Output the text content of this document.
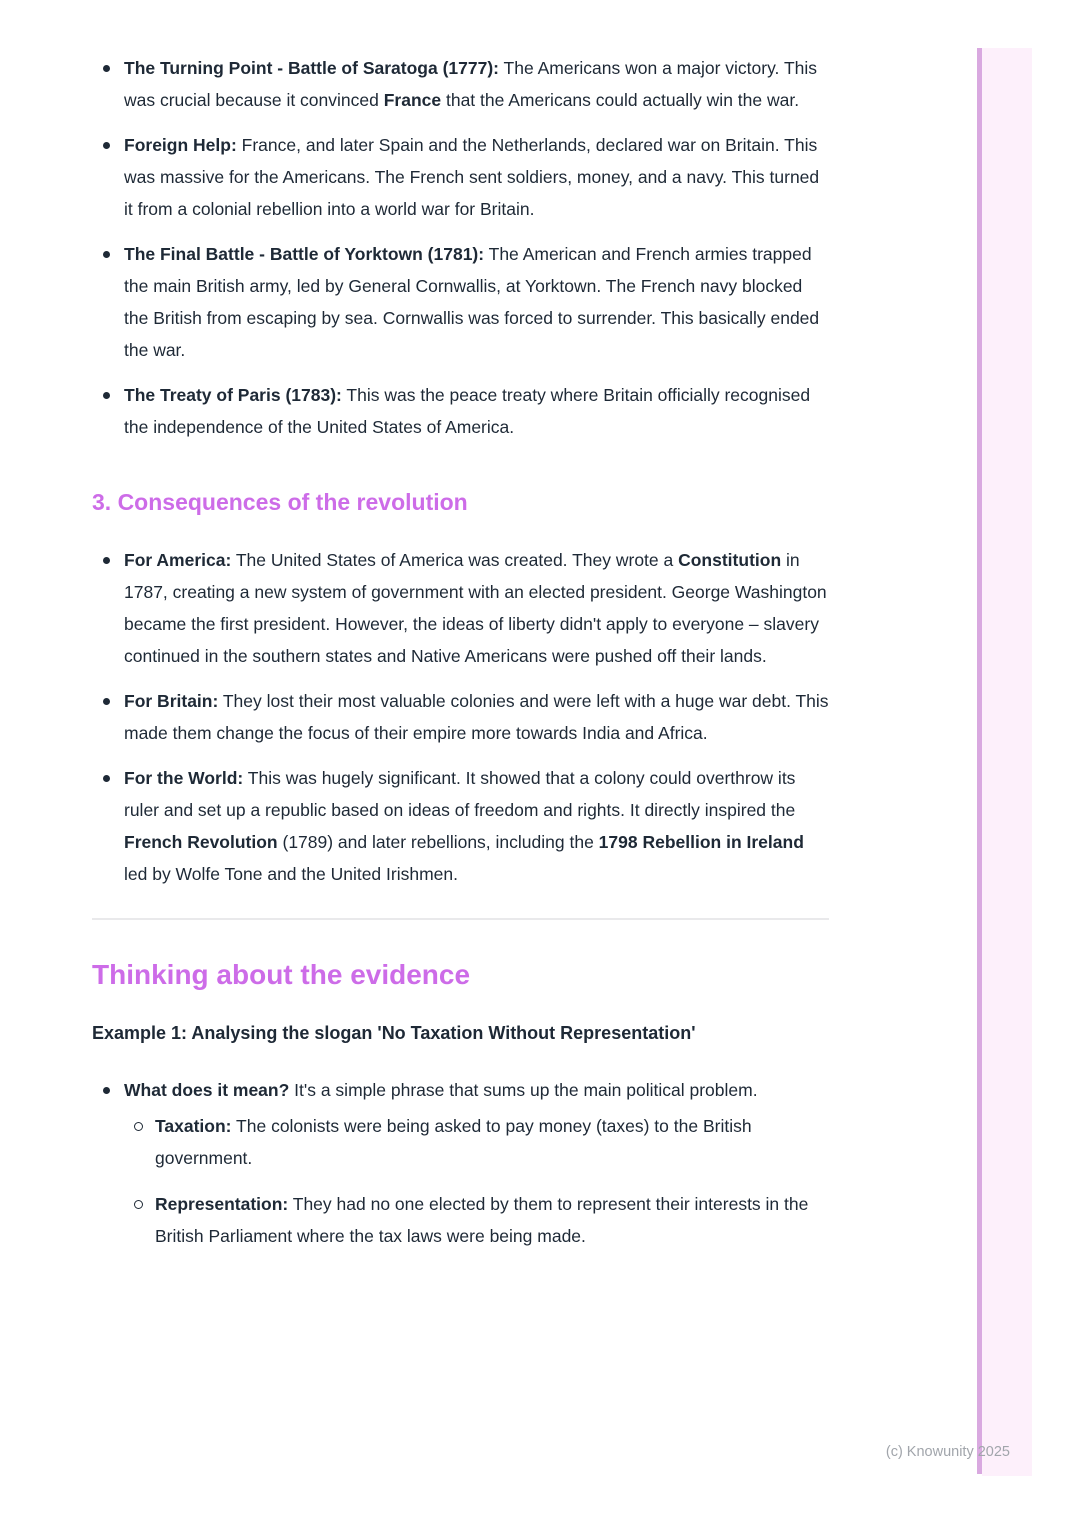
The Turning Point - Battle of Saratoga (1777): The Americans won a major victory. This was crucial because it convinced France that the Americans could actually win the war.

Foreign Help: France, and later Spain and the Netherlands, declared war on Britain. This was massive for the Americans. The French sent soldiers, money, and a navy. This turned it from a colonial rebellion into a world war for Britain.

The Final Battle - Battle of Yorktown (1781): The American and French armies trapped the main British army, led by General Cornwallis, at Yorktown. The French navy blocked the British from escaping by sea. Cornwallis was forced to surrender. This basically ended the war.

The Treaty of Paris (1783): This was the peace treaty where Britain officially recognised the independence of the United States of America.

3. Consequences of the revolution

For America: The United States of America was created. They wrote a Constitution in 1787, creating a new system of government with an elected president. George Washington became the first president. However, the ideas of liberty didn't apply to everyone – slavery continued in the southern states and Native Americans were pushed off their lands.

For Britain: They lost their most valuable colonies and were left with a huge war debt. This made them change the focus of their empire more towards India and Africa.

For the World: This was hugely significant. It showed that a colony could overthrow its ruler and set up a republic based on ideas of freedom and rights. It directly inspired the French Revolution (1789) and later rebellions, including the 1798 Rebellion in Ireland led by Wolfe Tone and the United Irishmen.

Thinking about the evidence

Example 1: Analysing the slogan 'No Taxation Without Representation'

What does it mean? It's a simple phrase that sums up the main political problem.

Taxation: The colonists were being asked to pay money (taxes) to the British government.

Representation: They had no one elected by them to represent their interests in the British Parliament where the tax laws were being made.

(c) Knowunity 2025
